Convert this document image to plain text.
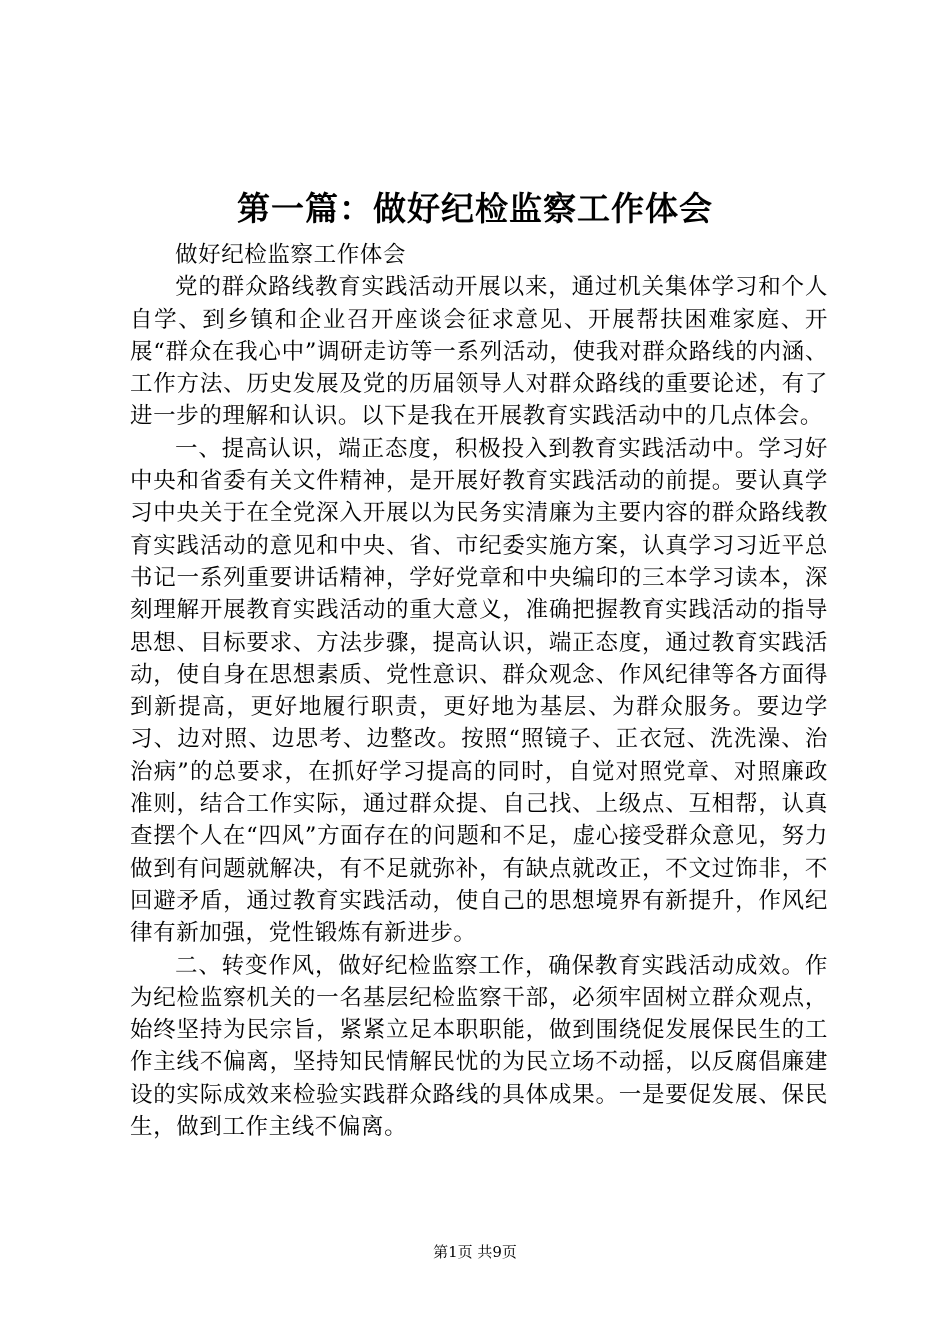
第一篇：做好纪检监察工作体会

做好纪检监察工作体会

党的群众路线教育实践活动开展以来，通过机关集体学习和个人自学、到乡镇和企业召开座谈会征求意见、开展帮扶困难家庭、开展“群众在我心中”调研走访等一系列活动，使我对群众路线的内涵、工作方法、历史发展及党的历届领导人对群众路线的重要论述，有了进一步的理解和认识。以下是我在开展教育实践活动中的几点体会。

一、提高认识，端正态度，积极投入到教育实践活动中。学习好中央和省委有关文件精神，是开展好教育实践活动的前提。要认真学习中央关于在全党深入开展以为民务实清廉为主要内容的群众路线教育实践活动的意见和中央、省、市纪委实施方案，认真学习习近平总书记一系列重要讲话精神，学好党章和中央编印的三本学习读本，深刻理解开展教育实践活动的重大意义，准确把握教育实践活动的指导思想、目标要求、方法步骤，提高认识，端正态度，通过教育实践活动，使自身在思想素质、党性意识、群众观念、作风纪律等各方面得到新提高，更好地履行职责，更好地为基层、为群众服务。要边学习、边对照、边思考、边整改。按照“照镜子、正衣冠、洗洗澡、治治病”的总要求，在抓好学习提高的同时，自觉对照党章、对照廉政准则，结合工作实际，通过群众提、自己找、上级点、互相帮，认真查摆个人在“四风”方面存在的问题和不足，虚心接受群众意见，努力做到有问题就解决，有不足就弥补，有缺点就改正，不文过饰非，不回避矛盾，通过教育实践活动，使自己的思想境界有新提升，作风纪律有新加强，党性锻炼有新进步。

二、转变作风，做好纪检监察工作，确保教育实践活动成效。作为纪检监察机关的一名基层纪检监察干部，必须牢固树立群众观点，始终坚持为民宗旨，紧紧立足本职职能，做到围绕促发展保民生的工作主线不偏离，坚持知民情解民忧的为民立场不动摇，以反腐倡廉建设的实际成效来检验实践群众路线的具体成果。一是要促发展、保民生，做到工作主线不偏离。

第1页 共9页
